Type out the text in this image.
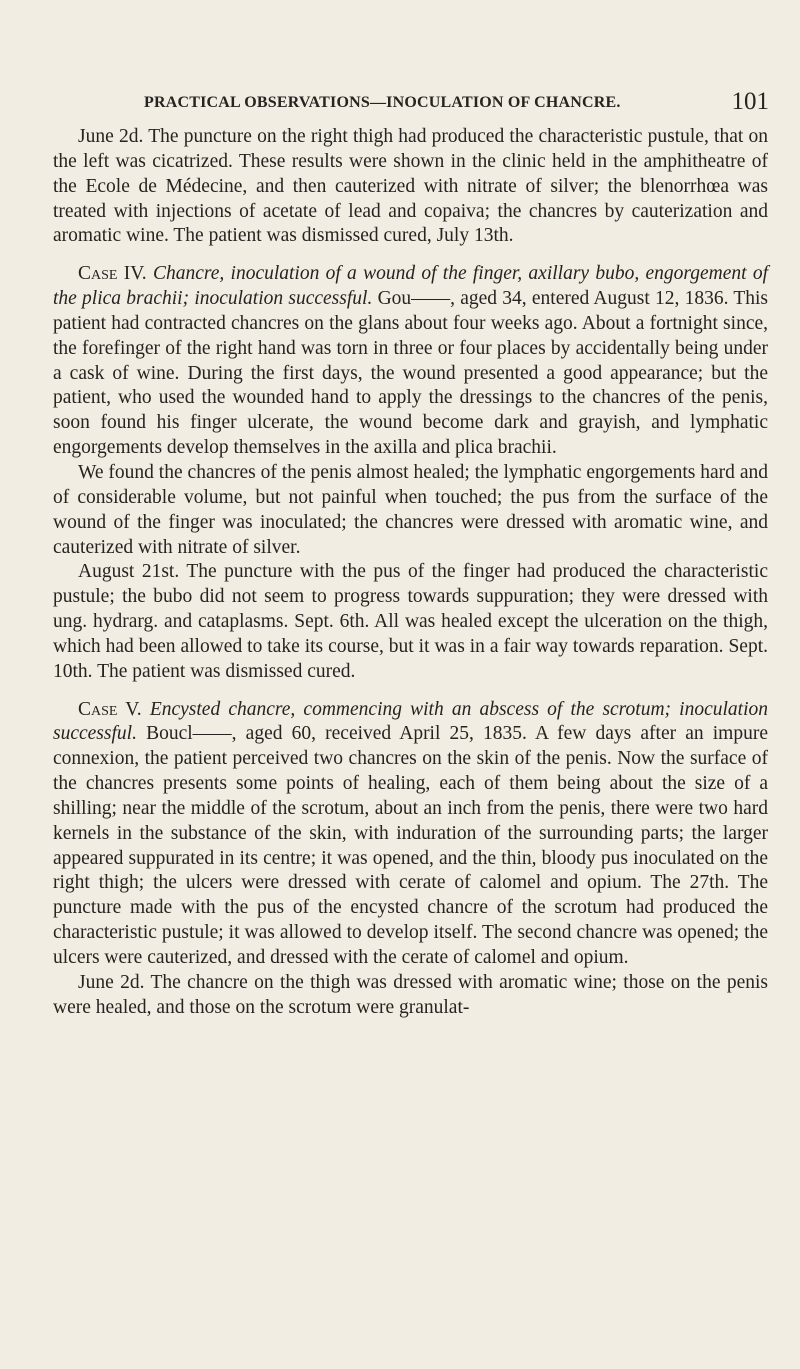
PRACTICAL OBSERVATIONS—INOCULATION OF CHANCRE.	101

June 2d. The puncture on the right thigh had produced the characteristic pustule, that on the left was cicatrized. These results were shown in the clinic held in the amphitheatre of the Ecole de Médecine, and then cauterized with nitrate of silver; the blenorrhœa was treated with injections of acetate of lead and copaiva; the chancres by cauterization and aromatic wine. The patient was dismissed cured, July 13th.

Case IV. Chancre, inoculation of a wound of the finger, axillary bubo, engorgement of the plica brachii; inoculation successful. Gou——, aged 34, entered August 12, 1836. This patient had contracted chancres on the glans about four weeks ago. About a fortnight since, the forefinger of the right hand was torn in three or four places by accidentally being under a cask of wine. During the first days, the wound presented a good appearance; but the patient, who used the wounded hand to apply the dressings to the chancres of the penis, soon found his finger ulcerate, the wound become dark and grayish, and lymphatic engorgements develop themselves in the axilla and plica brachii.

We found the chancres of the penis almost healed; the lymphatic engorgements hard and of considerable volume, but not painful when touched; the pus from the surface of the wound of the finger was inoculated; the chancres were dressed with aromatic wine, and cauterized with nitrate of silver.

August 21st. The puncture with the pus of the finger had produced the characteristic pustule; the bubo did not seem to progress towards suppuration; they were dressed with ung. hydrarg. and cataplasms. Sept. 6th. All was healed except the ulceration on the thigh, which had been allowed to take its course, but it was in a fair way towards reparation. Sept. 10th. The patient was dismissed cured.

Case V. Encysted chancre, commencing with an abscess of the scrotum; inoculation successful. Boucl——, aged 60, received April 25, 1835. A few days after an impure connexion, the patient perceived two chancres on the skin of the penis. Now the surface of the chancres presents some points of healing, each of them being about the size of a shilling; near the middle of the scrotum, about an inch from the penis, there were two hard kernels in the substance of the skin, with induration of the surrounding parts; the larger appeared suppurated in its centre; it was opened, and the thin, bloody pus inoculated on the right thigh; the ulcers were dressed with cerate of calomel and opium. The 27th. The puncture made with the pus of the encysted chancre of the scrotum had produced the characteristic pustule; it was allowed to develop itself. The second chancre was opened; the ulcers were cauterized, and dressed with the cerate of calomel and opium.

June 2d. The chancre on the thigh was dressed with aromatic wine; those on the penis were healed, and those on the scrotum were granulat-
